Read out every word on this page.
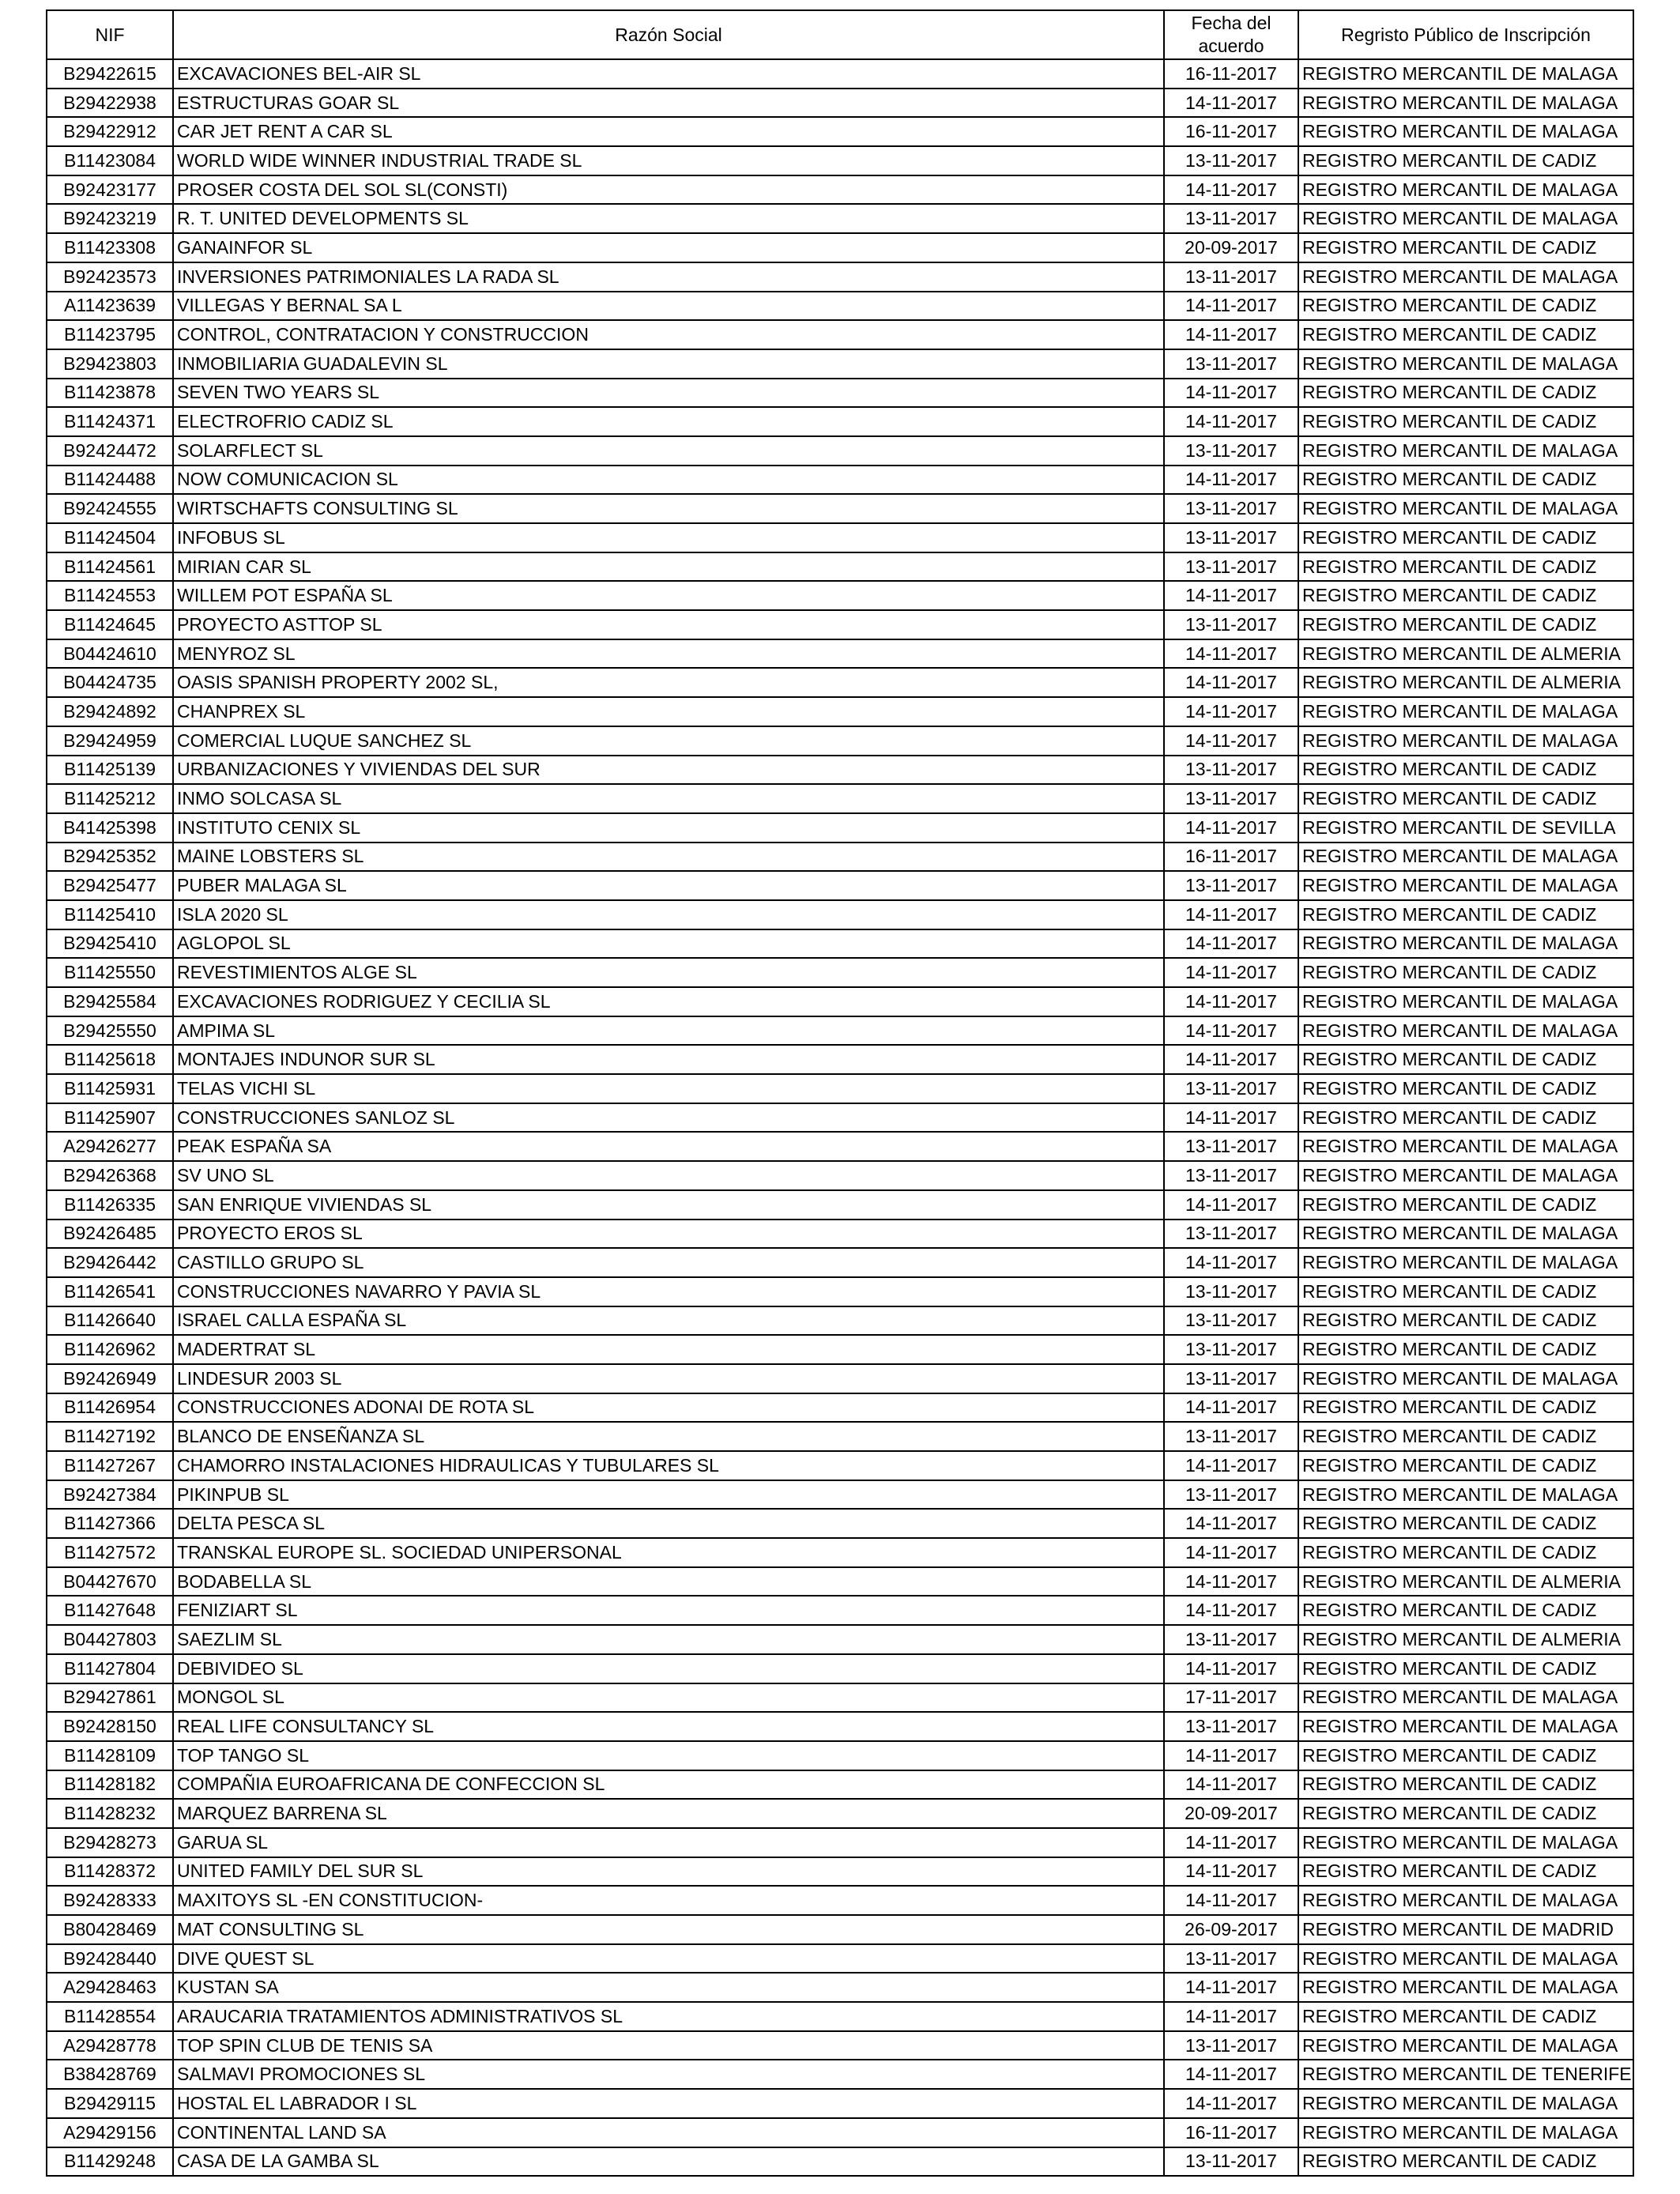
NIF	Razón Social	Fecha del acuerdo	Regristo Público de Inscripción
B29422615	EXCAVACIONES BEL-AIR SL	16-11-2017	REGISTRO MERCANTIL DE MALAGA
B29422938	ESTRUCTURAS GOAR SL	14-11-2017	REGISTRO MERCANTIL DE MALAGA
B29422912	CAR JET RENT A CAR SL	16-11-2017	REGISTRO MERCANTIL DE MALAGA
B11423084	WORLD WIDE WINNER INDUSTRIAL TRADE SL	13-11-2017	REGISTRO MERCANTIL DE CADIZ
B92423177	PROSER COSTA DEL SOL SL(CONSTI)	14-11-2017	REGISTRO MERCANTIL DE MALAGA
B92423219	R. T. UNITED DEVELOPMENTS SL	13-11-2017	REGISTRO MERCANTIL DE MALAGA
B11423308	GANAINFOR SL	20-09-2017	REGISTRO MERCANTIL DE CADIZ
B92423573	INVERSIONES PATRIMONIALES LA RADA SL	13-11-2017	REGISTRO MERCANTIL DE MALAGA
A11423639	VILLEGAS Y BERNAL SA L	14-11-2017	REGISTRO MERCANTIL DE CADIZ
B11423795	CONTROL, CONTRATACION Y CONSTRUCCION	14-11-2017	REGISTRO MERCANTIL DE CADIZ
B29423803	INMOBILIARIA GUADALEVIN SL	13-11-2017	REGISTRO MERCANTIL DE MALAGA
B11423878	SEVEN TWO YEARS SL	14-11-2017	REGISTRO MERCANTIL DE CADIZ
B11424371	ELECTROFRIO CADIZ SL	14-11-2017	REGISTRO MERCANTIL DE CADIZ
B92424472	SOLARFLECT SL	13-11-2017	REGISTRO MERCANTIL DE MALAGA
B11424488	NOW COMUNICACION SL	14-11-2017	REGISTRO MERCANTIL DE CADIZ
B92424555	WIRTSCHAFTS CONSULTING SL	13-11-2017	REGISTRO MERCANTIL DE MALAGA
B11424504	INFOBUS SL	13-11-2017	REGISTRO MERCANTIL DE CADIZ
B11424561	MIRIAN CAR SL	13-11-2017	REGISTRO MERCANTIL DE CADIZ
B11424553	WILLEM POT ESPAÑA SL	14-11-2017	REGISTRO MERCANTIL DE CADIZ
B11424645	PROYECTO ASTTOP SL	13-11-2017	REGISTRO MERCANTIL DE CADIZ
B04424610	MENYROZ SL	14-11-2017	REGISTRO MERCANTIL DE ALMERIA
B04424735	OASIS SPANISH PROPERTY 2002 SL,	14-11-2017	REGISTRO MERCANTIL DE ALMERIA
B29424892	CHANPREX SL	14-11-2017	REGISTRO MERCANTIL DE MALAGA
B29424959	COMERCIAL LUQUE SANCHEZ SL	14-11-2017	REGISTRO MERCANTIL DE MALAGA
B11425139	URBANIZACIONES Y VIVIENDAS DEL SUR	13-11-2017	REGISTRO MERCANTIL DE CADIZ
B11425212	INMO SOLCASA SL	13-11-2017	REGISTRO MERCANTIL DE CADIZ
B41425398	INSTITUTO CENIX SL	14-11-2017	REGISTRO MERCANTIL DE SEVILLA
B29425352	MAINE LOBSTERS SL	16-11-2017	REGISTRO MERCANTIL DE MALAGA
B29425477	PUBER MALAGA SL	13-11-2017	REGISTRO MERCANTIL DE MALAGA
B11425410	ISLA 2020 SL	14-11-2017	REGISTRO MERCANTIL DE CADIZ
B29425410	AGLOPOL SL	14-11-2017	REGISTRO MERCANTIL DE MALAGA
B11425550	REVESTIMIENTOS ALGE SL	14-11-2017	REGISTRO MERCANTIL DE CADIZ
B29425584	EXCAVACIONES RODRIGUEZ Y CECILIA SL	14-11-2017	REGISTRO MERCANTIL DE MALAGA
B29425550	AMPIMA SL	14-11-2017	REGISTRO MERCANTIL DE MALAGA
B11425618	MONTAJES INDUNOR SUR SL	14-11-2017	REGISTRO MERCANTIL DE CADIZ
B11425931	TELAS VICHI SL	13-11-2017	REGISTRO MERCANTIL DE CADIZ
B11425907	CONSTRUCCIONES SANLOZ SL	14-11-2017	REGISTRO MERCANTIL DE CADIZ
A29426277	PEAK ESPAÑA SA	13-11-2017	REGISTRO MERCANTIL DE MALAGA
B29426368	SV UNO SL	13-11-2017	REGISTRO MERCANTIL DE MALAGA
B11426335	SAN ENRIQUE VIVIENDAS SL	14-11-2017	REGISTRO MERCANTIL DE CADIZ
B92426485	PROYECTO EROS SL	13-11-2017	REGISTRO MERCANTIL DE MALAGA
B29426442	CASTILLO GRUPO SL	14-11-2017	REGISTRO MERCANTIL DE MALAGA
B11426541	CONSTRUCCIONES NAVARRO Y PAVIA SL	13-11-2017	REGISTRO MERCANTIL DE CADIZ
B11426640	ISRAEL CALLA ESPAÑA SL	13-11-2017	REGISTRO MERCANTIL DE CADIZ
B11426962	MADERTRAT SL	13-11-2017	REGISTRO MERCANTIL DE CADIZ
B92426949	LINDESUR 2003 SL	13-11-2017	REGISTRO MERCANTIL DE MALAGA
B11426954	CONSTRUCCIONES ADONAI DE ROTA SL	14-11-2017	REGISTRO MERCANTIL DE CADIZ
B11427192	BLANCO DE ENSEÑANZA SL	13-11-2017	REGISTRO MERCANTIL DE CADIZ
B11427267	CHAMORRO INSTALACIONES HIDRAULICAS Y TUBULARES SL	14-11-2017	REGISTRO MERCANTIL DE CADIZ
B92427384	PIKINPUB SL	13-11-2017	REGISTRO MERCANTIL DE MALAGA
B11427366	DELTA PESCA SL	14-11-2017	REGISTRO MERCANTIL DE CADIZ
B11427572	TRANSKAL EUROPE SL. SOCIEDAD UNIPERSONAL	14-11-2017	REGISTRO MERCANTIL DE CADIZ
B04427670	BODABELLA SL	14-11-2017	REGISTRO MERCANTIL DE ALMERIA
B11427648	FENIZIART SL	14-11-2017	REGISTRO MERCANTIL DE CADIZ
B04427803	SAEZLIM SL	13-11-2017	REGISTRO MERCANTIL DE ALMERIA
B11427804	DEBIVIDEO SL	14-11-2017	REGISTRO MERCANTIL DE CADIZ
B29427861	MONGOL SL	17-11-2017	REGISTRO MERCANTIL DE MALAGA
B92428150	REAL LIFE CONSULTANCY SL	13-11-2017	REGISTRO MERCANTIL DE MALAGA
B11428109	TOP TANGO SL	14-11-2017	REGISTRO MERCANTIL DE CADIZ
B11428182	COMPAÑIA EUROAFRICANA DE CONFECCION SL	14-11-2017	REGISTRO MERCANTIL DE CADIZ
B11428232	MARQUEZ BARRENA SL	20-09-2017	REGISTRO MERCANTIL DE CADIZ
B29428273	GARUA SL	14-11-2017	REGISTRO MERCANTIL DE MALAGA
B11428372	UNITED FAMILY DEL SUR SL	14-11-2017	REGISTRO MERCANTIL DE CADIZ
B92428333	MAXITOYS SL -EN CONSTITUCION-	14-11-2017	REGISTRO MERCANTIL DE MALAGA
B80428469	MAT CONSULTING SL	26-09-2017	REGISTRO MERCANTIL DE MADRID
B92428440	DIVE QUEST SL	13-11-2017	REGISTRO MERCANTIL DE MALAGA
A29428463	KUSTAN SA	14-11-2017	REGISTRO MERCANTIL DE MALAGA
B11428554	ARAUCARIA TRATAMIENTOS ADMINISTRATIVOS SL	14-11-2017	REGISTRO MERCANTIL DE CADIZ
A29428778	TOP SPIN CLUB DE TENIS SA	13-11-2017	REGISTRO MERCANTIL DE MALAGA
B38428769	SALMAVI PROMOCIONES SL	14-11-2017	REGISTRO MERCANTIL DE TENERIFE
B29429115	HOSTAL EL LABRADOR I SL	14-11-2017	REGISTRO MERCANTIL DE MALAGA
A29429156	CONTINENTAL LAND SA	16-11-2017	REGISTRO MERCANTIL DE MALAGA
B11429248	CASA DE LA GAMBA SL	13-11-2017	REGISTRO MERCANTIL DE CADIZ
